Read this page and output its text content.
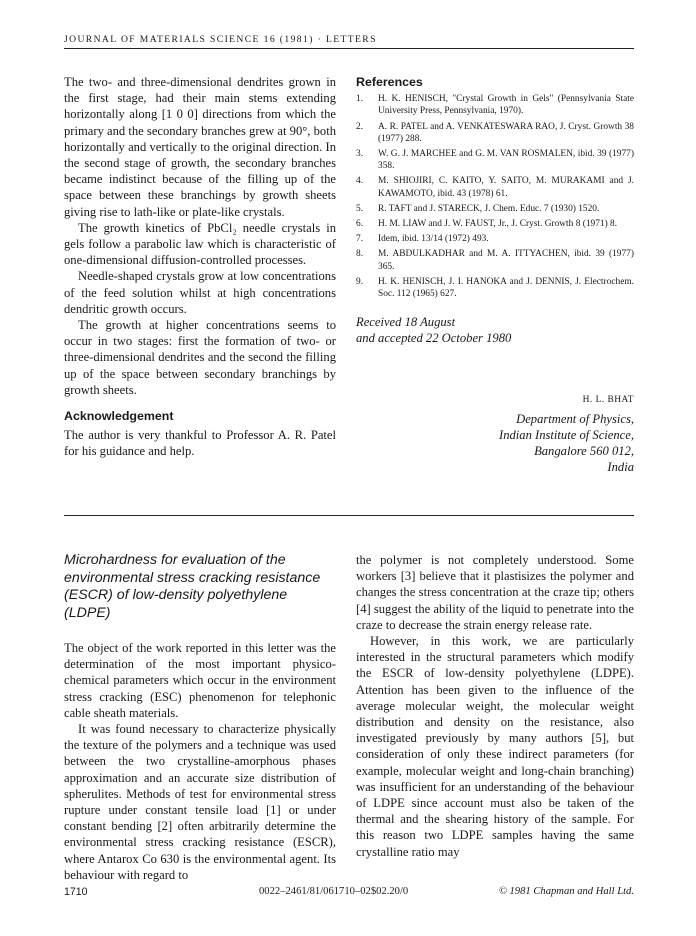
JOURNAL OF MATERIALS SCIENCE 16 (1981) · LETTERS

The two- and three-dimensional dendrites grown in the first stage, had their main stems extending horizontally along [1 0 0] directions from which the primary and the secondary branches grew at 90°, both horizontally and vertically to the original direction. In the second stage of growth, the secondary branches became indistinct because of the filling up of the space between these branchings by growth sheets giving rise to lath-like or plate-like crystals.

The growth kinetics of PbCl₂ needle crystals in gels follow a parabolic law which is characteristic of one-dimensional diffusion-controlled processes.

Needle-shaped crystals grow at low concentrations of the feed solution whilst at high concentrations dendritic growth occurs.

The growth at higher concentrations seems to occur in two stages: first the formation of two- or three-dimensional dendrites and the second the filling up of the space between secondary branchings by growth sheets.

Acknowledgement

The author is very thankful to Professor A. R. Patel for his guidance and help.

References
1. H. K. HENISCH, "Crystal Growth in Gels" (Pennsylvania State University Press, Pennsylvania, 1970).
2. A. R. PATEL and A. VENKATESWARA RAO, J. Cryst. Growth 38 (1977) 288.
3. W. G. J. MARCHEE and G. M. VAN ROSMALEN, ibid. 39 (1977) 358.
4. M. SHIOJIRI, C. KAITO, Y. SAITO, M. MURAKAMI and J. KAWAMOTO, ibid. 43 (1978) 61.
5. R. TAFT and J. STARECK, J. Chem. Educ. 7 (1930) 1520.
6. H. M. LIAW and J. W. FAUST, Jr., J. Cryst. Growth 8 (1971) 8.
7. Idem, ibid. 13/14 (1972) 493.
8. M. ABDULKADHAR and M. A. ITTYACHEN, ibid. 39 (1977) 365.
9. H. K. HENISCH, J. I. HANOKA and J. DENNIS, J. Electrochem. Soc. 112 (1965) 627.
Received 18 August
and accepted 22 October 1980
H. L. BHAT
Department of Physics,
Indian Institute of Science,
Bangalore 560 012,
India
Microhardness for evaluation of the environmental stress cracking resistance (ESCR) of low-density polyethylene (LDPE)

The object of the work reported in this letter was the determination of the most important physico-chemical parameters which occur in the environment stress cracking (ESC) phenomenon for telephonic cable sheath materials.

It was found necessary to characterize physically the texture of the polymers and a technique was used between the two crystalline-amorphous phases approximation and an accurate size distribution of spherulites. Methods of test for environmental stress rupture under constant tensile load [1] or under constant bending [2] often arbitrarily determine the environmental stress cracking resistance (ESCR), where Antarox Co 630 is the environmental agent. Its behaviour with regard to

the polymer is not completely understood. Some workers [3] believe that it plastisizes the polymer and changes the stress concentration at the craze tip; others [4] suggest the ability of the liquid to penetrate into the craze to decrease the strain energy release rate.

However, in this work, we are particularly interested in the structural parameters which modify the ESCR of low-density polyethylene (LDPE). Attention has been given to the influence of the average molecular weight, the molecular weight distribution and density on the resistance, also investigated previously by many authors [5], but consideration of only these indirect parameters (for example, molecular weight and long-chain branching) was insufficient for an understanding of the behaviour of LDPE since account must also be taken of the thermal and the shearing history of the sample. For this reason two LDPE samples having the same crystalline ratio may

1710	0022–2461/81/061710–02$02.20/0	© 1981 Chapman and Hall Ltd.
